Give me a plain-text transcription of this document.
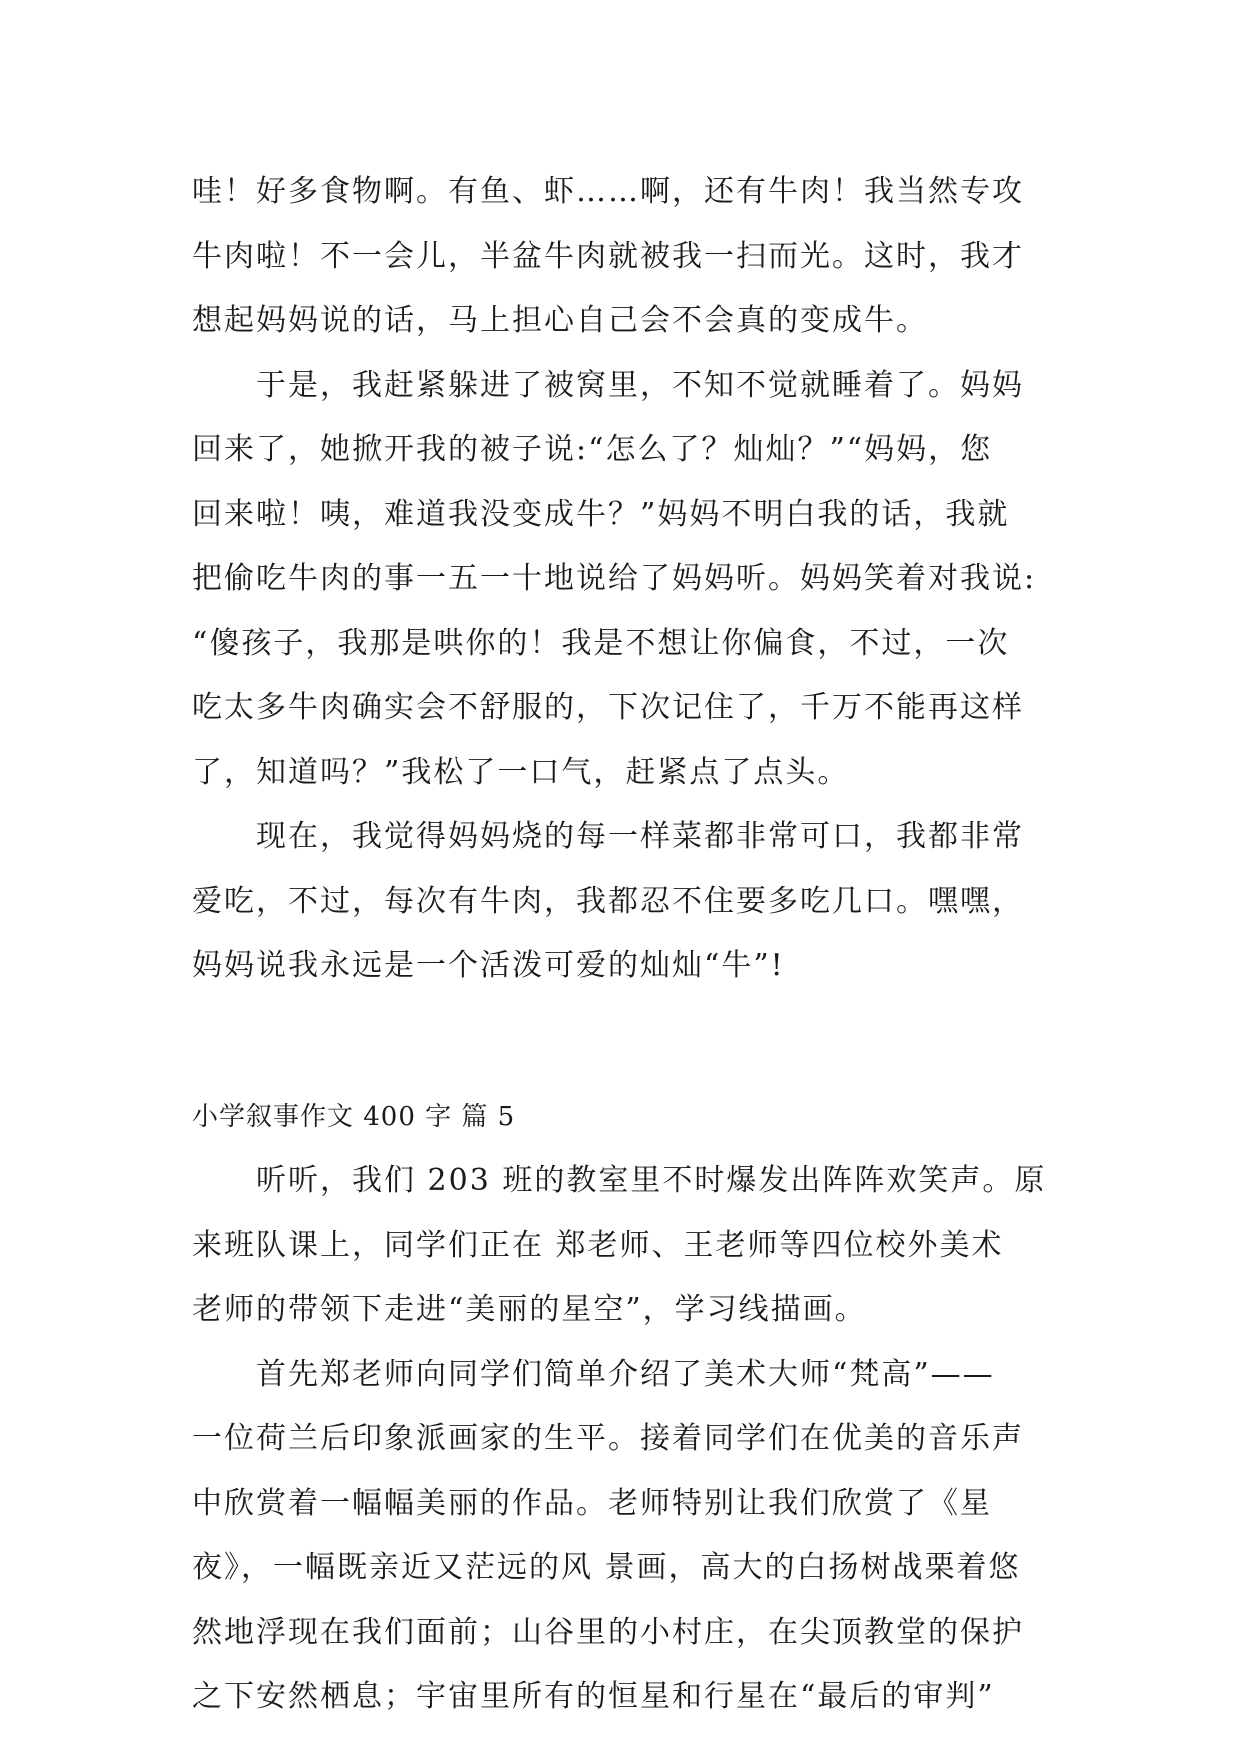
哇！好多食物啊。有鱼、虾……啊，还有牛肉！我当然专攻
牛肉啦！不一会儿，半盆牛肉就被我一扫而光。这时，我才
想起妈妈说的话，马上担心自己会不会真的变成牛。
于是，我赶紧躲进了被窝里，不知不觉就睡着了。妈妈
回来了，她掀开我的被子说:“怎么了？灿灿？”“妈妈，您
回来啦！咦，难道我没变成牛？”妈妈不明白我的话，我就
把偷吃牛肉的事一五一十地说给了妈妈听。妈妈笑着对我说:
“傻孩子，我那是哄你的！我是不想让你偏食，不过，一次
吃太多牛肉确实会不舒服的，下次记住了，千万不能再这样
了，知道吗？”我松了一口气，赶紧点了点头。
现在，我觉得妈妈烧的每一样菜都非常可口，我都非常
爱吃，不过，每次有牛肉，我都忍不住要多吃几口。嘿嘿，
妈妈说我永远是一个活泼可爱的灿灿“牛”!
小学叙事作文 400 字 篇 5
听听，我们 203 班的教室里不时爆发出阵阵欢笑声。原
来班队课上，同学们正在 郑老师、王老师等四位校外美术
老师的带领下走进“美丽的星空”，学习线描画。
首先郑老师向同学们简单介绍了美术大师“梵高”——
一位荷兰后印象派画家的生平。接着同学们在优美的音乐声
中欣赏着一幅幅美丽的作品。老师特别让我们欣赏了《星
夜》，一幅既亲近又茫远的风 景画，高大的白扬树战栗着悠
然地浮现在我们面前；山谷里的小村庄，在尖顶教堂的保护
之下安然栖息；宇宙里所有的恒星和行星在“最后的审判”
